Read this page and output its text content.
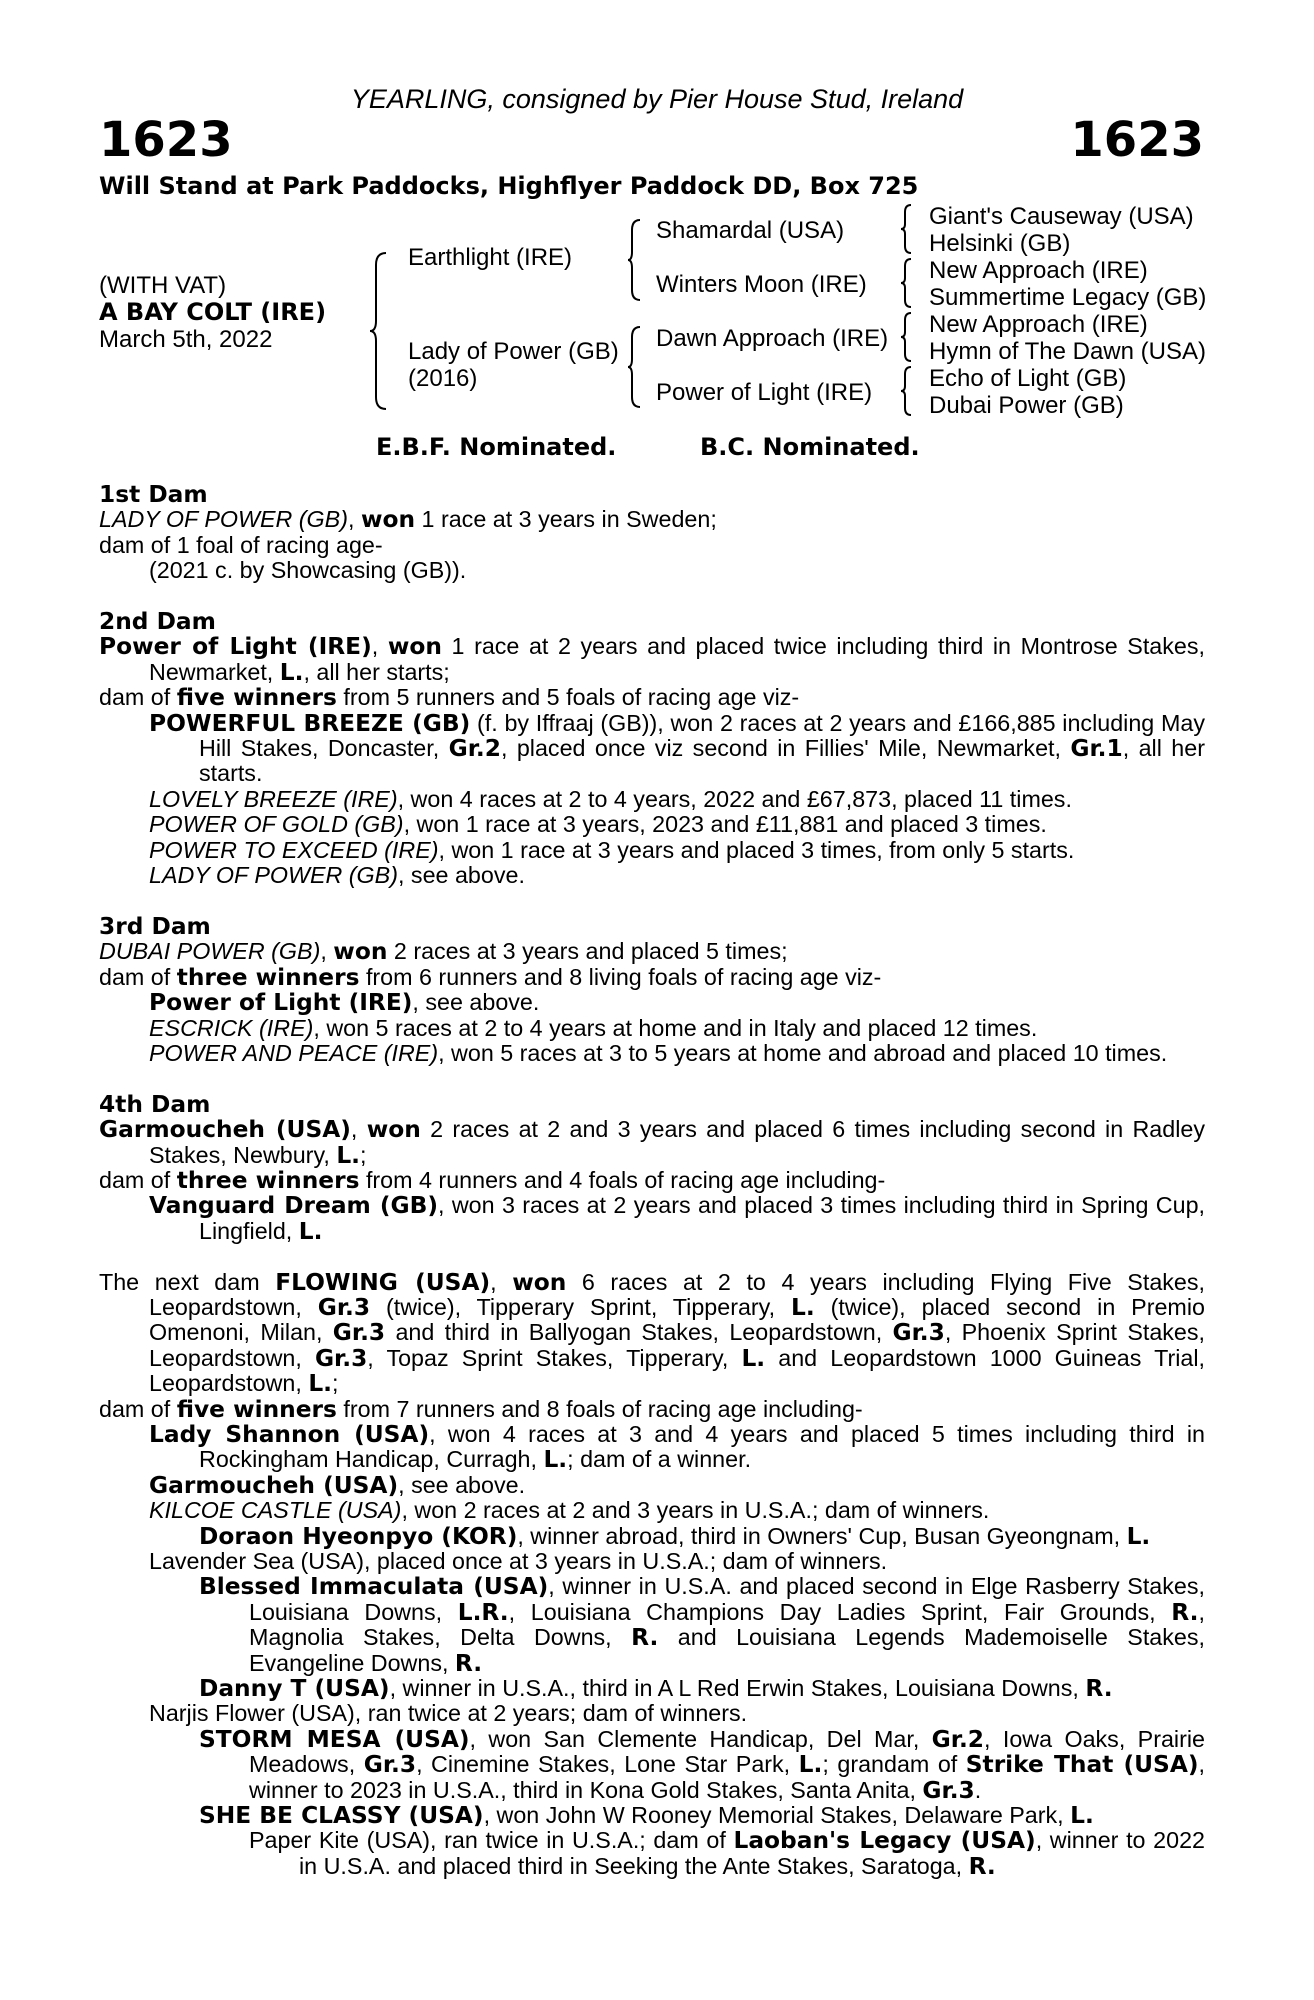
YEARLING, consigned by Pier House Stud, Ireland
1623	1623
Will Stand at Park Paddocks, Highflyer Paddock DD, Box 725
(WITH VAT)
A BAY COLT (IRE)
March 5th, 2022
Earthlight (IRE)
Lady of Power (GB)
(2016)
Shamardal (USA)
Winters Moon (IRE)
Dawn Approach (IRE)
Power of Light (IRE)
Giant's Causeway (USA)
Helsinki (GB)
New Approach (IRE)
Summertime Legacy (GB)
New Approach (IRE)
Hymn of The Dawn (USA)
Echo of Light (GB)
Dubai Power (GB)
E.B.F. Nominated.	B.C. Nominated.
1st Dam
LADY OF POWER (GB), won 1 race at 3 years in Sweden;
dam of 1 foal of racing age-
(2021 c. by Showcasing (GB)).
2nd Dam
Power of Light (IRE), won 1 race at 2 years and placed twice including third in Montrose Stakes, Newmarket, L., all her starts;
dam of five winners from 5 runners and 5 foals of racing age viz-
POWERFUL BREEZE (GB) (f. by Iffraaj (GB)), won 2 races at 2 years and £166,885 including May Hill Stakes, Doncaster, Gr.2, placed once viz second in Fillies' Mile, Newmarket, Gr.1, all her starts.
LOVELY BREEZE (IRE), won 4 races at 2 to 4 years, 2022 and £67,873, placed 11 times.
POWER OF GOLD (GB), won 1 race at 3 years, 2023 and £11,881 and placed 3 times.
POWER TO EXCEED (IRE), won 1 race at 3 years and placed 3 times, from only 5 starts.
LADY OF POWER (GB), see above.
3rd Dam
DUBAI POWER (GB), won 2 races at 3 years and placed 5 times;
dam of three winners from 6 runners and 8 living foals of racing age viz-
Power of Light (IRE), see above.
ESCRICK (IRE), won 5 races at 2 to 4 years at home and in Italy and placed 12 times.
POWER AND PEACE (IRE), won 5 races at 3 to 5 years at home and abroad and placed 10 times.
4th Dam
Garmoucheh (USA), won 2 races at 2 and 3 years and placed 6 times including second in Radley Stakes, Newbury, L.;
dam of three winners from 4 runners and 4 foals of racing age including-
Vanguard Dream (GB), won 3 races at 2 years and placed 3 times including third in Spring Cup, Lingfield, L.
The next dam FLOWING (USA), won 6 races at 2 to 4 years including Flying Five Stakes, Leopardstown, Gr.3 (twice), Tipperary Sprint, Tipperary, L. (twice), placed second in Premio Omenoni, Milan, Gr.3 and third in Ballyogan Stakes, Leopardstown, Gr.3, Phoenix Sprint Stakes, Leopardstown, Gr.3, Topaz Sprint Stakes, Tipperary, L. and Leopardstown 1000 Guineas Trial, Leopardstown, L.;
dam of five winners from 7 runners and 8 foals of racing age including-
Lady Shannon (USA), won 4 races at 3 and 4 years and placed 5 times including third in Rockingham Handicap, Curragh, L.; dam of a winner.
Garmoucheh (USA), see above.
KILCOE CASTLE (USA), won 2 races at 2 and 3 years in U.S.A.; dam of winners.
Doraon Hyeonpyo (KOR), winner abroad, third in Owners' Cup, Busan Gyeongnam, L.
Lavender Sea (USA), placed once at 3 years in U.S.A.; dam of winners.
Blessed Immaculata (USA), winner in U.S.A. and placed second in Elge Rasberry Stakes, Louisiana Downs, L.R., Louisiana Champions Day Ladies Sprint, Fair Grounds, R., Magnolia Stakes, Delta Downs, R. and Louisiana Legends Mademoiselle Stakes, Evangeline Downs, R.
Danny T (USA), winner in U.S.A., third in A L Red Erwin Stakes, Louisiana Downs, R.
Narjis Flower (USA), ran twice at 2 years; dam of winners.
STORM MESA (USA), won San Clemente Handicap, Del Mar, Gr.2, Iowa Oaks, Prairie Meadows, Gr.3, Cinemine Stakes, Lone Star Park, L.; grandam of Strike That (USA), winner to 2023 in U.S.A., third in Kona Gold Stakes, Santa Anita, Gr.3.
SHE BE CLASSY (USA), won John W Rooney Memorial Stakes, Delaware Park, L.
Paper Kite (USA), ran twice in U.S.A.; dam of Laoban's Legacy (USA), winner to 2022 in U.S.A. and placed third in Seeking the Ante Stakes, Saratoga, R.
